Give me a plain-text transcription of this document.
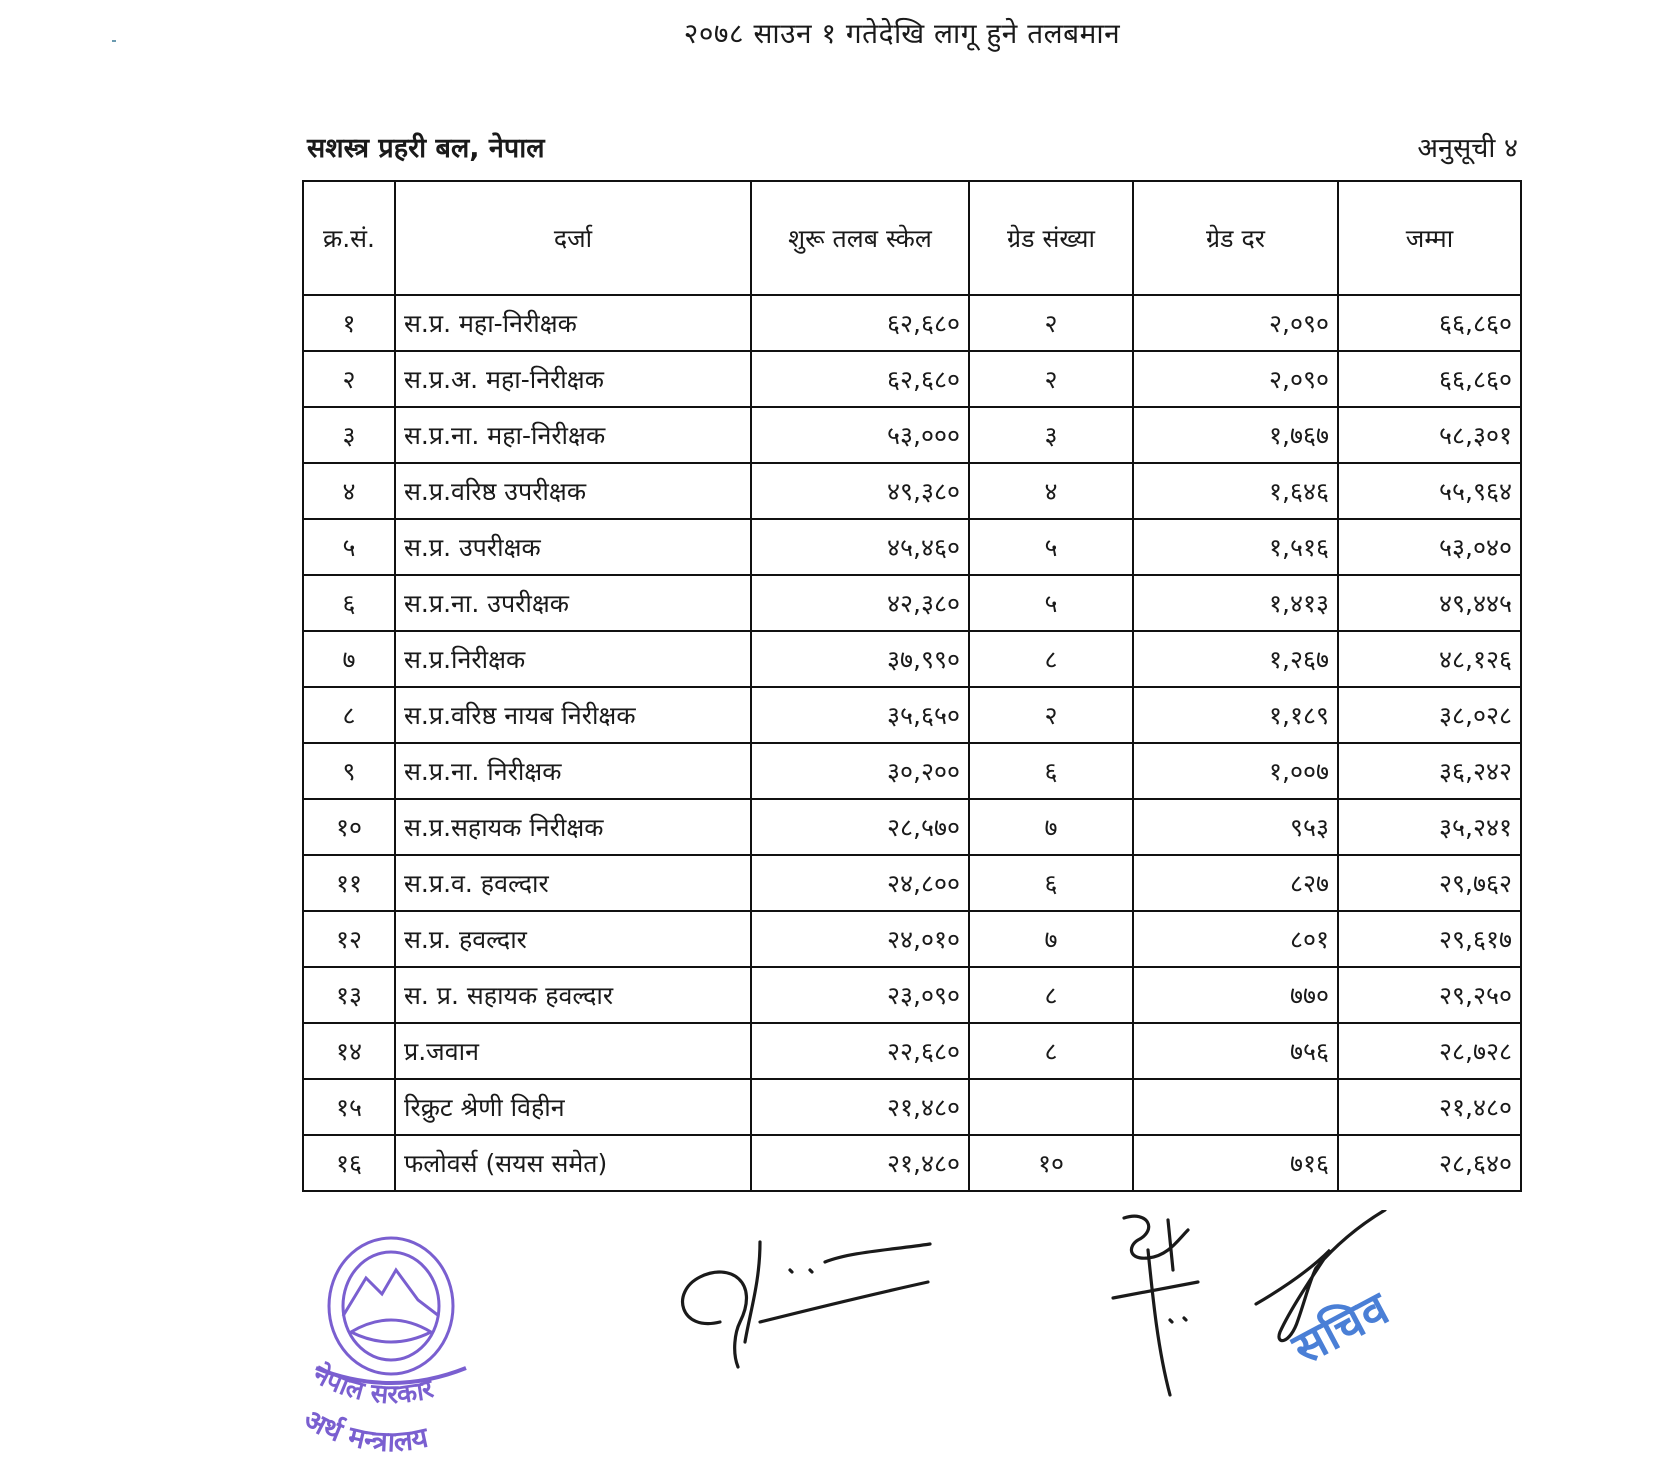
२०७८ साउन १ गतेदेखि लागू हुने तलबमान
सशस्त्र प्रहरी बल, नेपाल	अनुसूची ४
क्र.सं.	दर्जा	शुरू तलब स्केल	ग्रेड संख्या	ग्रेड दर	जम्मा
१	स.प्र. महा-निरीक्षक	६२,६८०	२	२,०९०	६६,८६०
२	स.प्र.अ. महा-निरीक्षक	६२,६८०	२	२,०९०	६६,८६०
३	स.प्र.ना. महा-निरीक्षक	५३,०००	३	१,७६७	५८,३०१
४	स.प्र.वरिष्ठ उपरीक्षक	४९,३८०	४	१,६४६	५५,९६४
५	स.प्र. उपरीक्षक	४५,४६०	५	१,५१६	५३,०४०
६	स.प्र.ना. उपरीक्षक	४२,३८०	५	१,४१३	४९,४४५
७	स.प्र.निरीक्षक	३७,९९०	८	१,२६७	४८,१२६
८	स.प्र.वरिष्ठ नायब निरीक्षक	३५,६५०	२	१,१८९	३८,०२८
९	स.प्र.ना. निरीक्षक	३०,२००	६	१,००७	३६,२४२
१०	स.प्र.सहायक निरीक्षक	२८,५७०	७	९५३	३५,२४१
११	स.प्र.व. हवल्दार	२४,८००	६	८२७	२९,७६२
१२	स.प्र. हवल्दार	२४,०१०	७	८०१	२९,६१७
१३	स. प्र. सहायक हवल्दार	२३,०९०	८	७७०	२९,२५०
१४	प्र.जवान	२२,६८०	८	७५६	२८,७२८
१५	रिक्रुट श्रेणी विहीन	२१,४८०			२१,४८०
१६	फलोवर्स (सयस समेत)	२१,४८०	१०	७१६	२८,६४०
नेपाल सरकार
अर्थ मन्त्रालय
सचिव
